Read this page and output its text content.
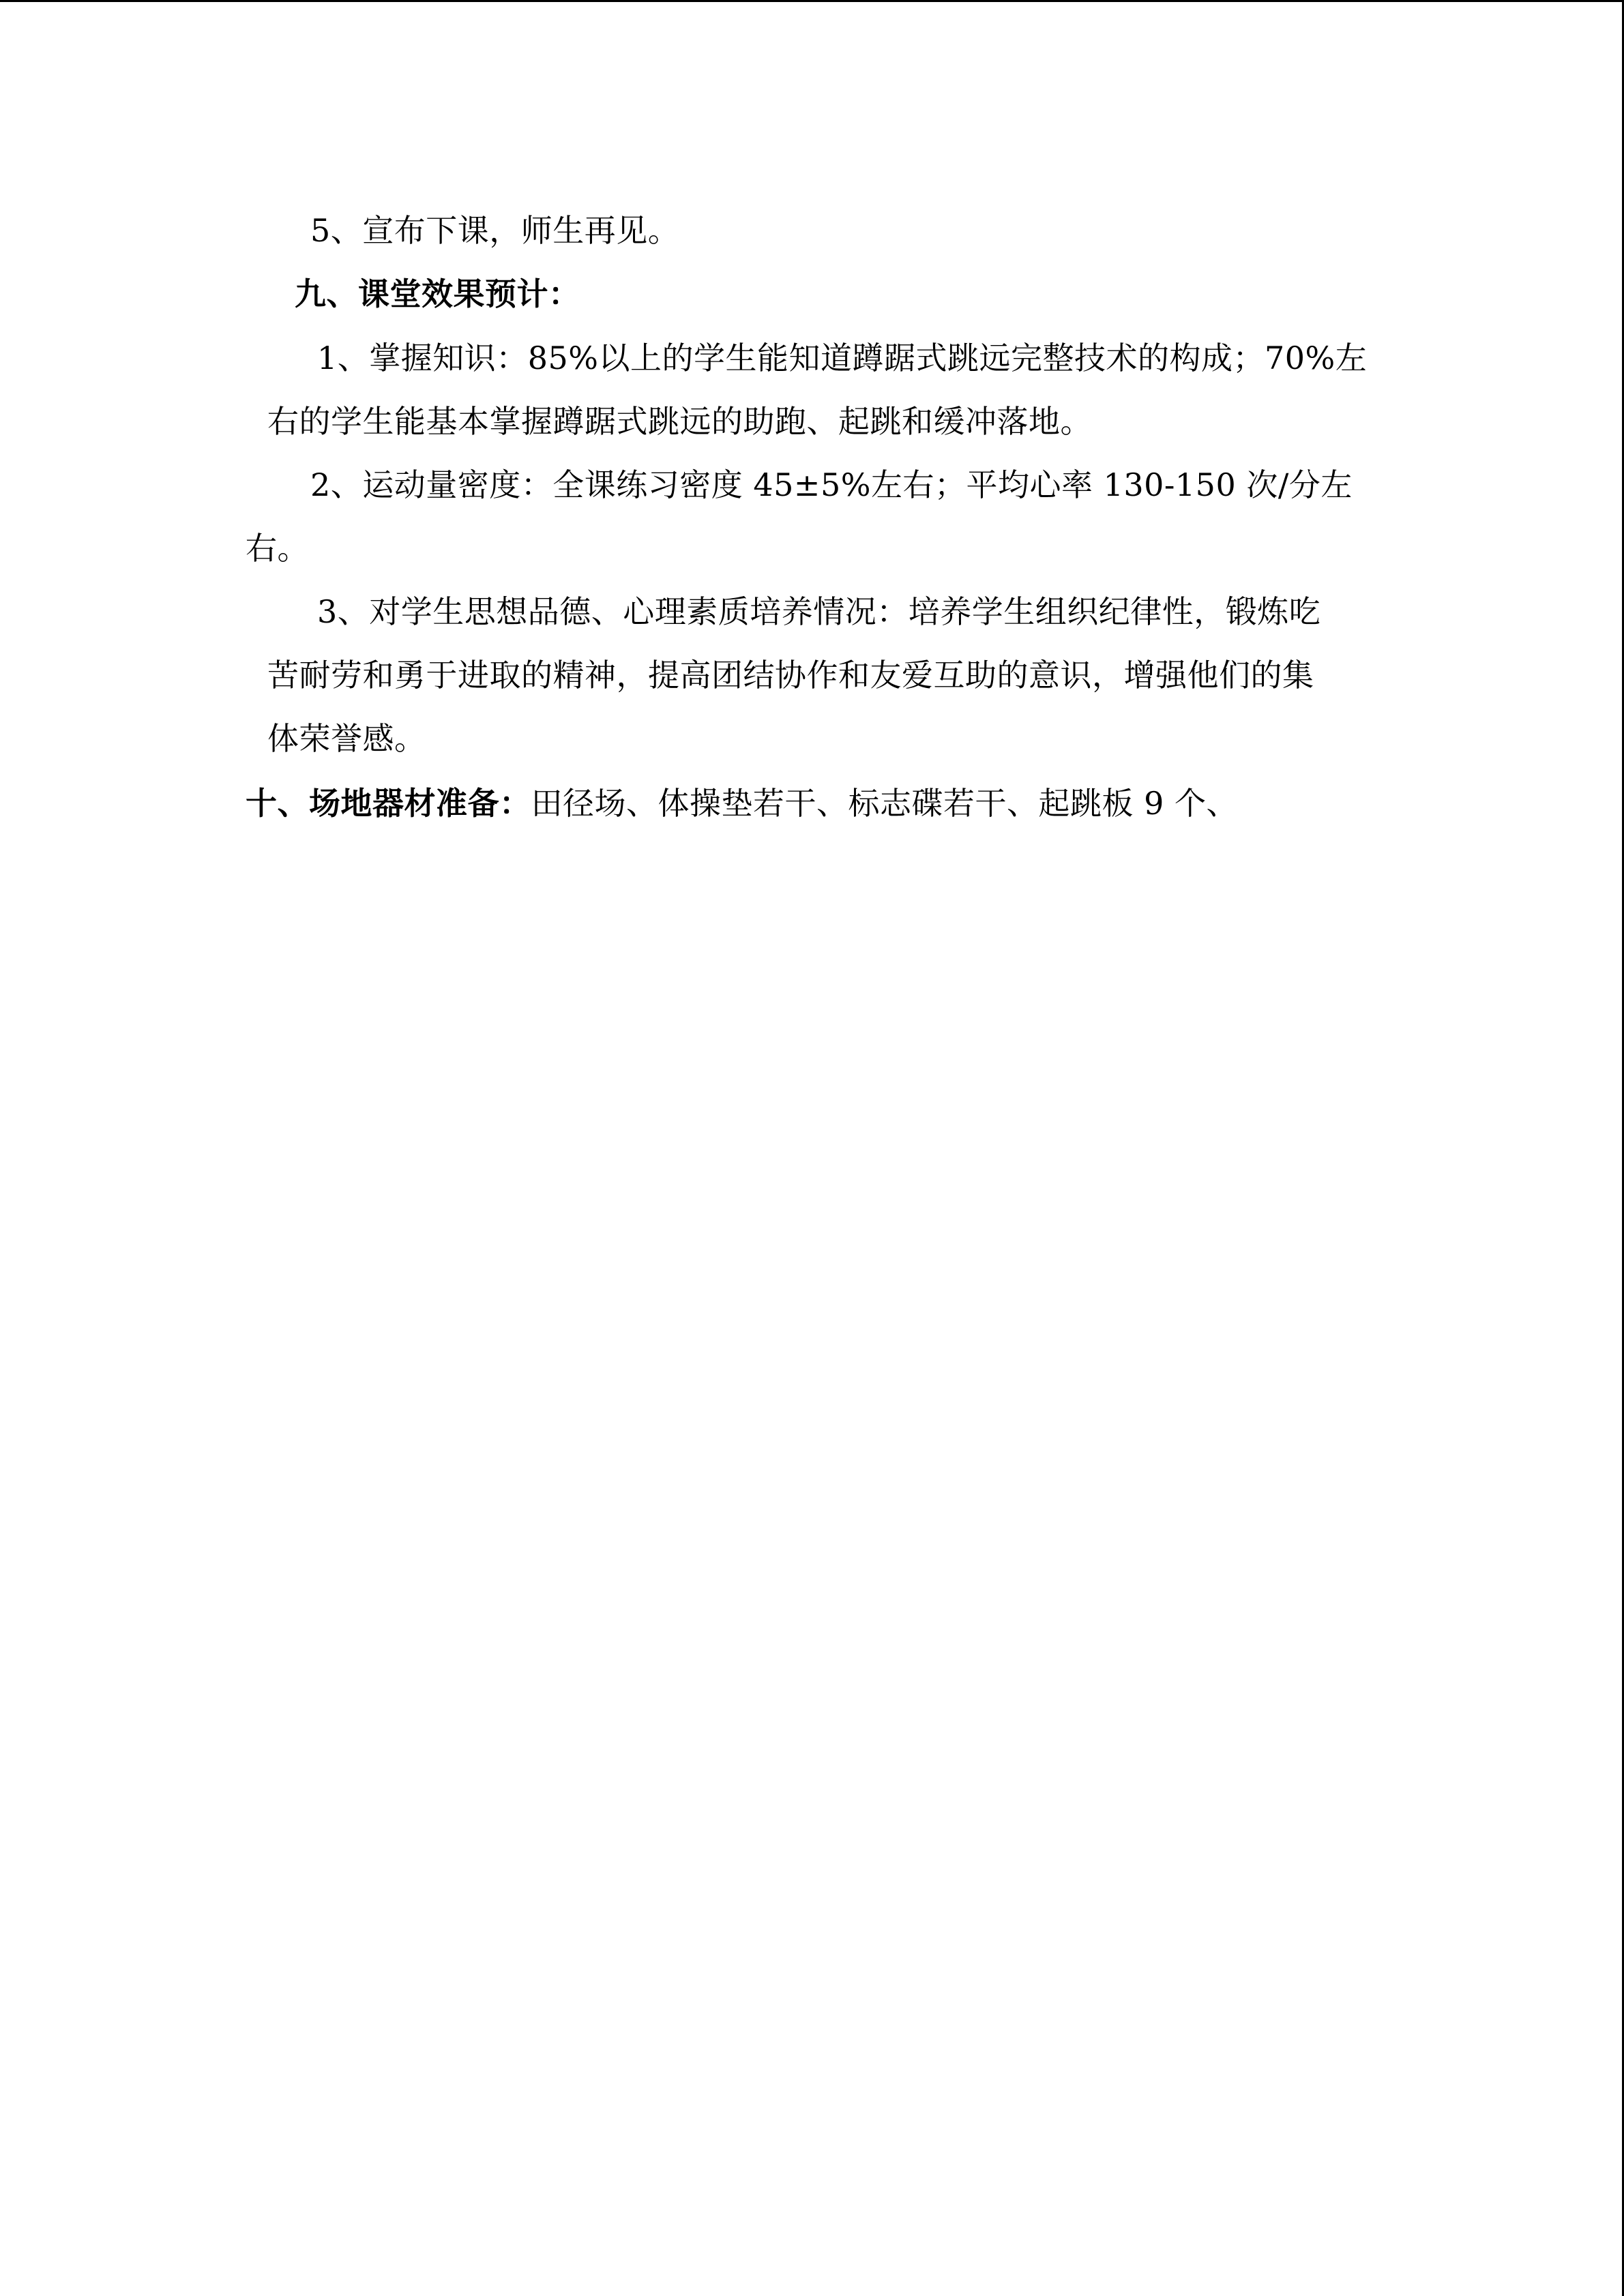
5、宣布下课，师生再见。
九、课堂效果预计：
1、掌握知识：85%以上的学生能知道蹲踞式跳远完整技术的构成；70%左
右的学生能基本掌握蹲踞式跳远的助跑、起跳和缓冲落地。
2、运动量密度：全课练习密度 45±5%左右；平均心率 130-150 次/分左
右。
3、对学生思想品德、心理素质培养情况：培养学生组织纪律性，锻炼吃
苦耐劳和勇于进取的精神，提高团结协作和友爱互助的意识，增强他们的集
体荣誉感。
十、场地器材准备：田径场、体操垫若干、标志碟若干、起跳板 9 个、
